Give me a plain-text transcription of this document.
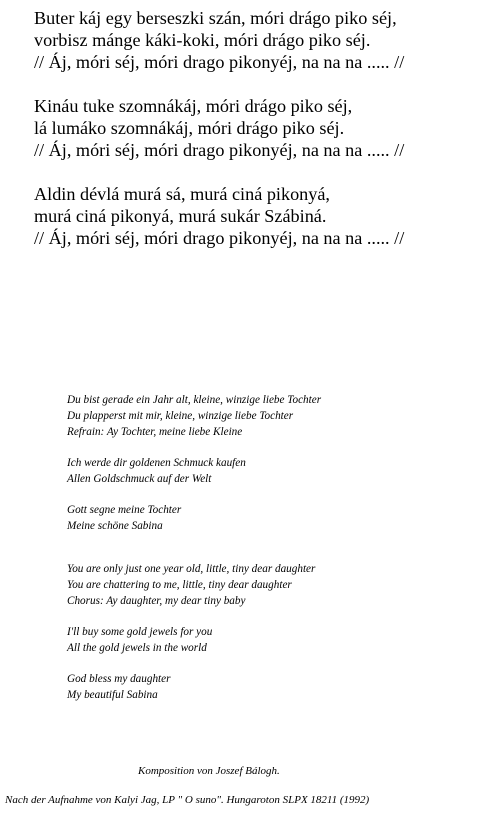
Buter káj egy berseszki szán, móri drágo piko séj,
vorbisz mánge káki-koki, móri drágo piko séj.
// Áj, móri séj, móri drago pikonyéj, na na na ..... //
Kináu tuke szomnákáj, móri drágo piko séj,
lá lumáko szomnákáj, móri drágo piko séj.
// Áj, móri séj, móri drago pikonyéj, na na na ..... //
Aldin dévlá murá sá, murá ciná pikonyá,
murá ciná pikonyá, murá sukár Szábiná.
// Áj, móri séj, móri drago pikonyéj, na na na ..... //
Du bist gerade ein Jahr alt, kleine, winzige liebe Tochter
Du plapperst mit mir, kleine, winzige liebe Tochter
Refrain: Ay Tochter, meine liebe Kleine
Ich werde dir goldenen Schmuck kaufen
Allen Goldschmuck auf der Welt
Gott segne meine Tochter
Meine schöne Sabina
You are only just one year old, little, tiny dear daughter
You are chattering to me, little, tiny dear daughter
Chorus: Ay daughter, my dear tiny baby
I'll buy some gold jewels for you
All the gold jewels in the world
God bless my daughter
My beautiful Sabina
Komposition von Joszef Bálogh.
Nach der Aufnahme von Kalyi Jag, LP " O suno". Hungaroton SLPX 18211 (1992)
